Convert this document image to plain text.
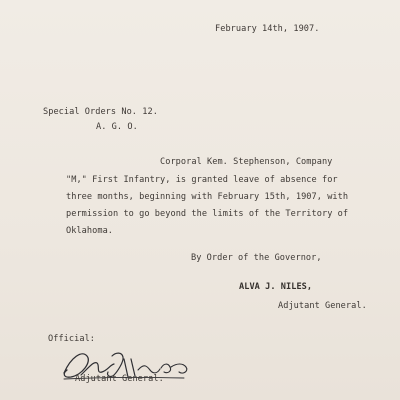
February 14th, 1907.
Special Orders No. 12.
A. G. O.
Corporal Kem. Stephenson, Company
"M," First Infantry, is granted leave of absence for
three months, beginning with February 15th, 1907, with
permission to go beyond the limits of the Territory of
Oklahoma.
By Order of the Governor,
ALVA J. NILES,
Adjutant General.
Official:
Adjutant General.
